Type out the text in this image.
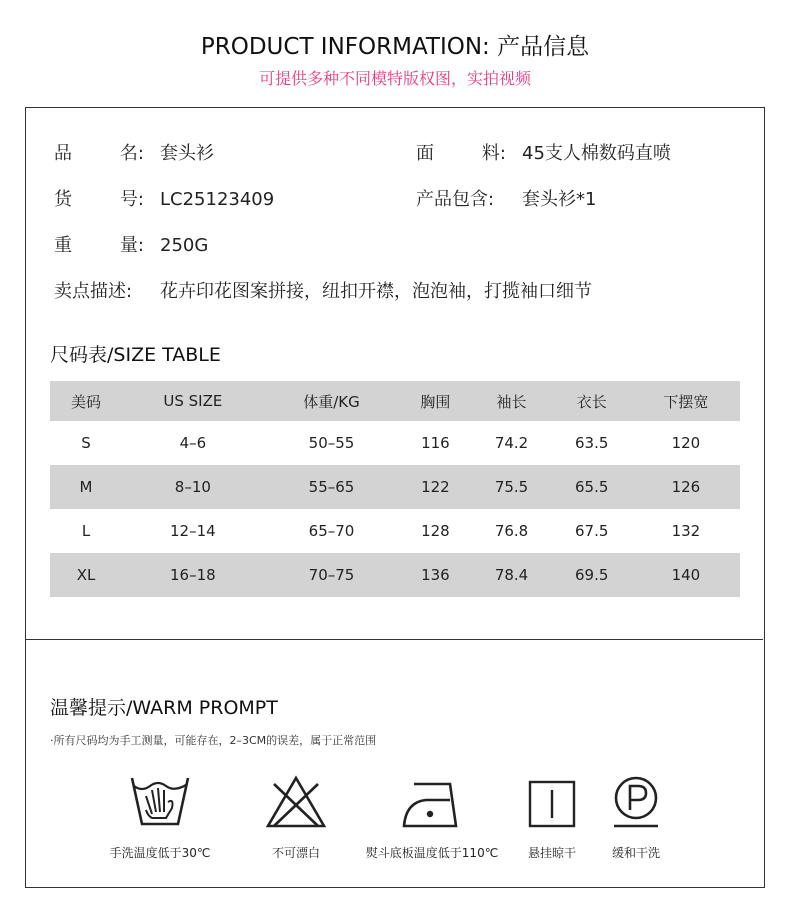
PRODUCT INFORMATION: 产品信息
可提供多种不同模特版权图，实拍视频
品	名: 套头衫	面	料: 45支人棉数码直喷
货	号: LC25123409	产品包含: 套头衫*1
重	量: 250G
卖点描述: 花卉印花图案拼接，纽扣开襟，泡泡袖，打揽袖口细节
尺码表/SIZE TABLE
美码	US SIZE	体重/KG	胸围	袖长	衣长	下摆宽
S	4–6	50–55	116	74.2	63.5	120
M	8–10	55–65	122	75.5	65.5	126
L	12–14	65–70	128	76.8	67.5	132
XL	16–18	70–75	136	78.4	69.5	140
温馨提示/WARM PROMPT
·所有尺码均为手工测量，可能存在，2–3CM的误差，属于正常范围
手洗温度低于30℃	不可漂白	熨斗底板温度低于110℃	悬挂晾干	缓和干洗
